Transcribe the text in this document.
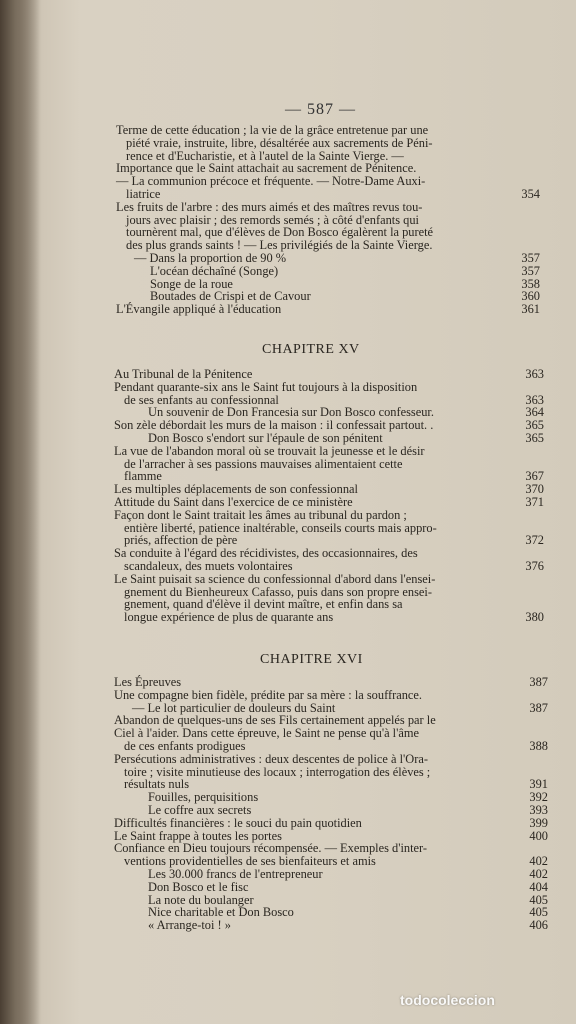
— 587 —
Terme de cette éducation ; la vie de la grâce entretenue par une
piété vraie, instruite, libre, désaltérée aux sacrements de Péni-
rence et d'Eucharistie, et à l'autel de la Sainte Vierge. —
Importance que le Saint attachait au sacrement de Pénitence.
— La communion précoce et fréquente. — Notre-Dame Auxi-
liatrice	354
Les fruits de l'arbre : des murs aimés et des maîtres revus tou-
jours avec plaisir ; des remords semés ; à côté d'enfants qui
tournèrent mal, que d'élèves de Don Bosco égalèrent la pureté
des plus grands saints ! — Les privilégiés de la Sainte Vierge.
— Dans la proportion de 90 %	357
L'océan déchaîné (Songe)	357
Songe de la roue	358
Boutades de Crispi et de Cavour	360
L'Évangile appliqué à l'éducation	361
CHAPITRE XV
Au Tribunal de la Pénitence	363
Pendant quarante-six ans le Saint fut toujours à la disposition
de ses enfants au confessionnal	363
Un souvenir de Don Francesia sur Don Bosco confesseur.	364
Son zèle débordait les murs de la maison : il confessait partout. .	365
Don Bosco s'endort sur l'épaule de son pénitent	365
La vue de l'abandon moral où se trouvait la jeunesse et le désir
de l'arracher à ses passions mauvaises alimentaient cette
flamme	367
Les multiples déplacements de son confessionnal	370
Attitude du Saint dans l'exercice de ce ministère	371
Façon dont le Saint traitait les âmes au tribunal du pardon ;
entière liberté, patience inaltérable, conseils courts mais appro-
priés, affection de père	372
Sa conduite à l'égard des récidivistes, des occasionnaires, des
scandaleux, des muets volontaires	376
Le Saint puisait sa science du confessionnal d'abord dans l'ensei-
gnement du Bienheureux Cafasso, puis dans son propre ensei-
gnement, quand d'élève il devint maître, et enfin dans sa
longue expérience de plus de quarante ans	380
CHAPITRE XVI
Les Épreuves	387
Une compagne bien fidèle, prédite par sa mère : la souffrance.
— Le lot particulier de douleurs du Saint	387
Abandon de quelques-uns de ses Fils certainement appelés par le
Ciel à l'aider. Dans cette épreuve, le Saint ne pense qu'à l'âme
de ces enfants prodigues	388
Persécutions administratives : deux descentes de police à l'Ora-
toire ; visite minutieuse des locaux ; interrogation des élèves ;
résultats nuls	391
Fouilles, perquisitions	392
Le coffre aux secrets	393
Difficultés financières : le souci du pain quotidien	399
Le Saint frappe à toutes les portes	400
Confiance en Dieu toujours récompensée. — Exemples d'inter-
ventions providentielles de ses bienfaiteurs et amis	402
Les 30.000 francs de l'entrepreneur	402
Don Bosco et le fisc	404
La note du boulanger	405
Nice charitable et Don Bosco	405
« Arrange-toi ! »	406
todocoleccion
